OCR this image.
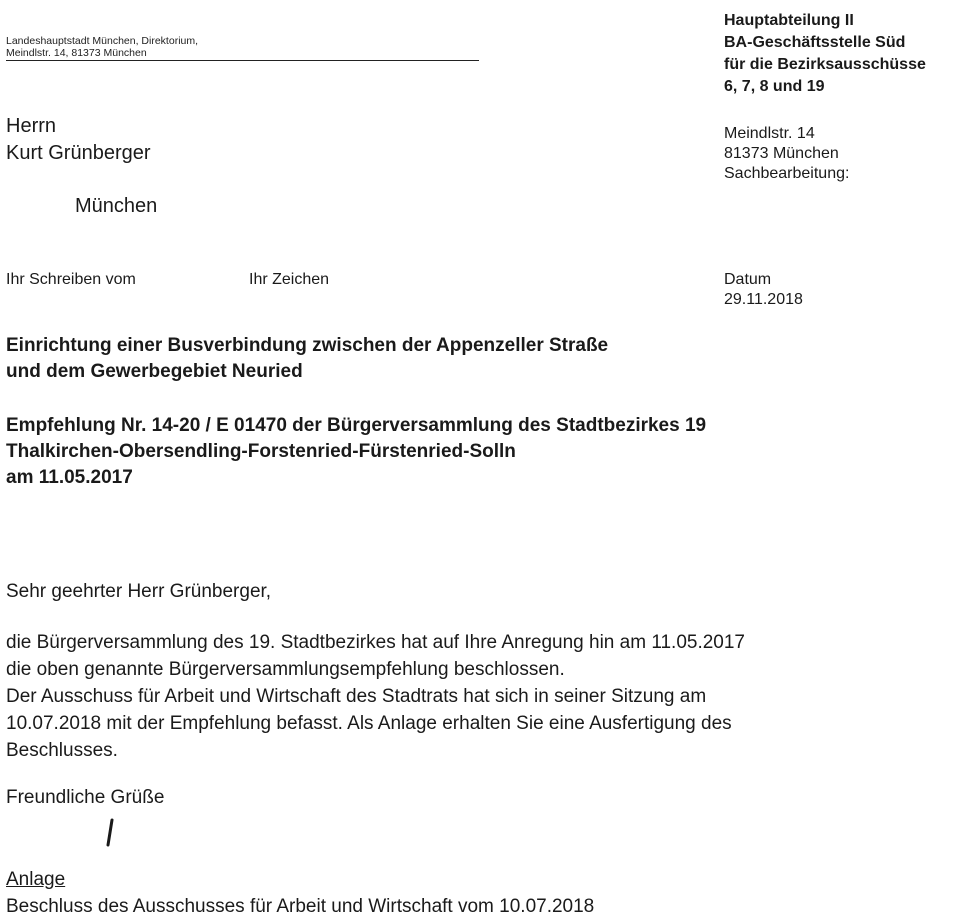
Landeshauptstadt München, Direktorium,

Meindlstr. 14, 81373 München
Hauptabteilung II
BA-Geschäftsstelle Süd
für die Bezirksausschüsse
6, 7, 8 und 19
Meindlstr. 14
81373 München
Sachbearbeitung:
Herrn
Kurt Grünberger
München
Ihr Schreiben vom	Ihr Zeichen	Datum
29.11.2018
Einrichtung einer Busverbindung zwischen der Appenzeller Straße
und dem Gewerbegebiet Neuried
Empfehlung Nr. 14-20 / E 01470 der Bürgerversammlung des Stadtbezirkes 19
Thalkirchen-Obersendling-Forstenried-Fürstenried-Solln
am 11.05.2017
Sehr geehrter Herr Grünberger,
die Bürgerversammlung des 19. Stadtbezirkes hat auf Ihre Anregung hin am 11.05.2017
die oben genannte Bürgerversammlungsempfehlung beschlossen.
Der Ausschuss für Arbeit und Wirtschaft des Stadtrats hat sich in seiner Sitzung am
10.07.2018 mit der Empfehlung befasst. Als Anlage erhalten Sie eine Ausfertigung des
Beschlusses.
Freundliche Grüße
Anlage
Beschluss des Ausschusses für Arbeit und Wirtschaft vom 10.07.2018
